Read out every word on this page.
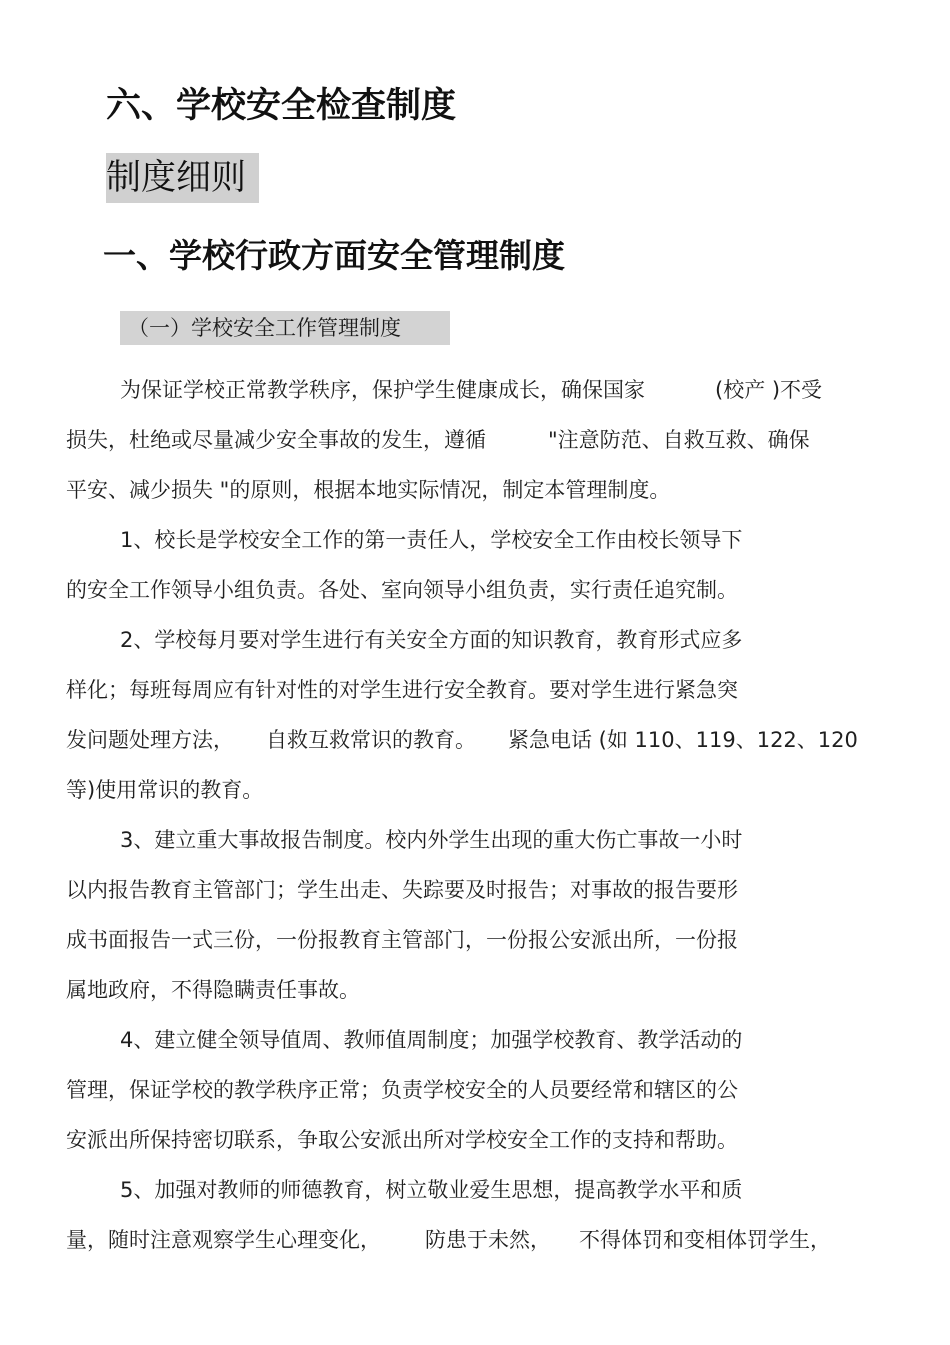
六、学校安全检查制度
制度细则
一、学校行政方面安全管理制度
（一）学校安全工作管理制度

为保证学校正常教学秩序，保护学生健康成长，确保国家	(校产 )不受

损失，杜绝或尽量减少安全事故的发生，遵循	"注意防范、自救互救、确保

平安、减少损失 "的原则，根据本地实际情况，制定本管理制度。

1、校长是学校安全工作的第一责任人，学校安全工作由校长领导下

的安全工作领导小组负责。各处、室向领导小组负责，实行责任追究制。

2、学校每月要对学生进行有关安全方面的知识教育，教育形式应多

样化；每班每周应有针对性的对学生进行安全教育。要对学生进行紧急突

发问题处理方法， 自救互救常识的教育。 紧急电话 (如 110、119、122、120

等)使用常识的教育。

3、建立重大事故报告制度。校内外学生出现的重大伤亡事故一小时

以内报告教育主管部门；学生出走、失踪要及时报告；对事故的报告要形

成书面报告一式三份，一份报教育主管部门，一份报公安派出所，一份报

属地政府，不得隐瞒责任事故。

4、建立健全领导值周、教师值周制度；加强学校教育、教学活动的

管理，保证学校的教学秩序正常；负责学校安全的人员要经常和辖区的公

安派出所保持密切联系，争取公安派出所对学校安全工作的支持和帮助。

5、加强对教师的师德教育，树立敬业爱生思想，提高教学水平和质

量，随时注意观察学生心理变化， 防患于未然， 不得体罚和变相体罚学生，
